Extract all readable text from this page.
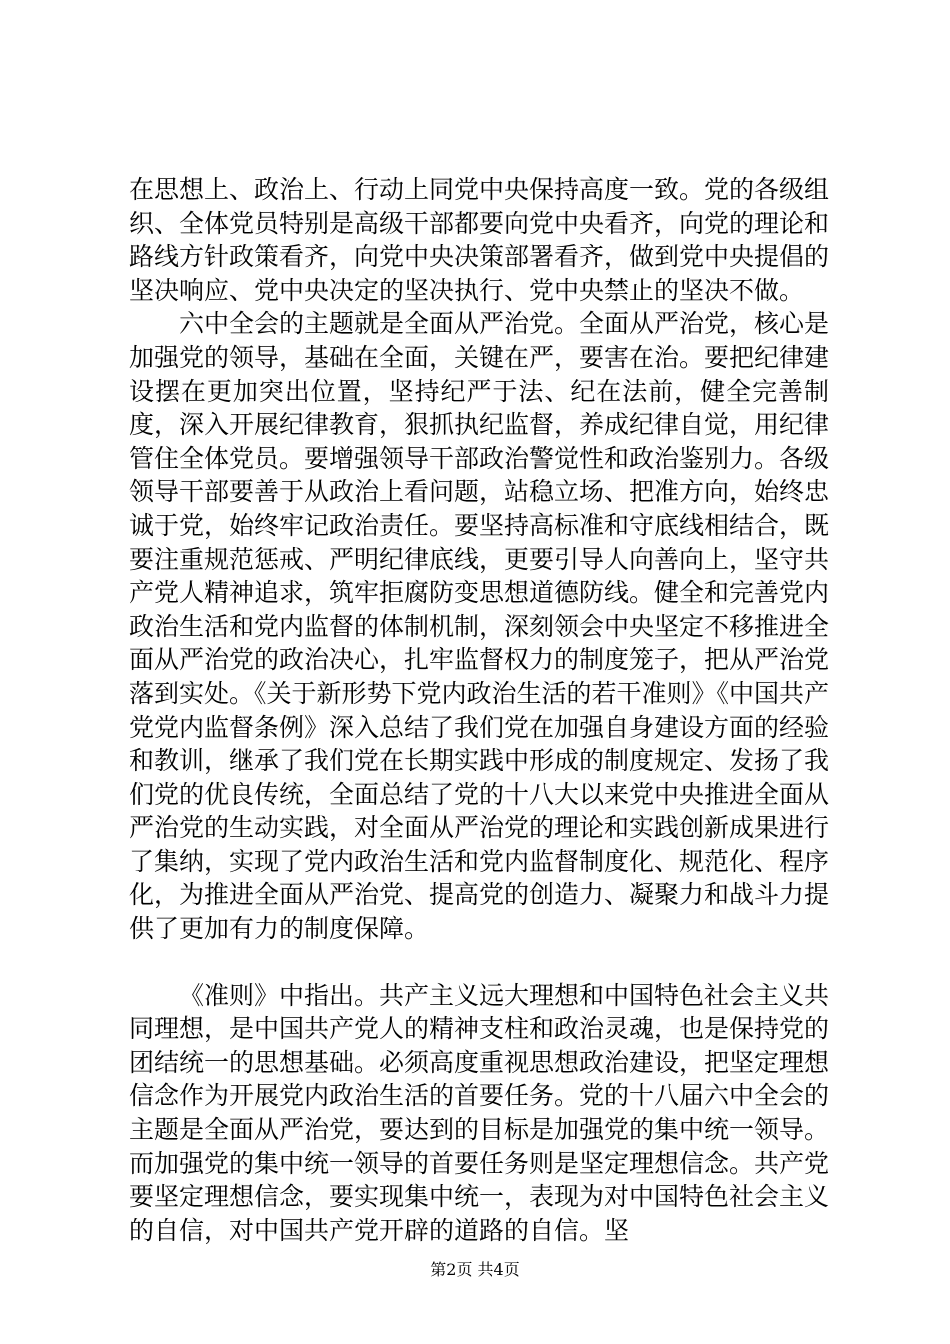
在思想上、政治上、行动上同党中央保持高度一致。党的各级组织、全体党员特别是高级干部都要向党中央看齐，向党的理论和路线方针政策看齐，向党中央决策部署看齐，做到党中央提倡的坚决响应、党中央决定的坚决执行、党中央禁止的坚决不做。

六中全会的主题就是全面从严治党。全面从严治党，核心是加强党的领导，基础在全面，关键在严，要害在治。要把纪律建设摆在更加突出位置，坚持纪严于法、纪在法前，健全完善制度，深入开展纪律教育，狠抓执纪监督，养成纪律自觉，用纪律管住全体党员。要增强领导干部政治警觉性和政治鉴别力。各级领导干部要善于从政治上看问题，站稳立场、把准方向，始终忠诚于党，始终牢记政治责任。要坚持高标准和守底线相结合，既要注重规范惩戒、严明纪律底线，更要引导人向善向上，坚守共产党人精神追求，筑牢拒腐防变思想道德防线。健全和完善党内政治生活和党内监督的体制机制，深刻领会中央坚定不移推进全面从严治党的政治决心，扎牢监督权力的制度笼子，把从严治党落到实处。《关于新形势下党内政治生活的若干准则》《中国共产党党内监督条例》深入总结了我们党在加强自身建设方面的经验和教训，继承了我们党在长期实践中形成的制度规定、发扬了我们党的优良传统，全面总结了党的十八大以来党中央推进全面从严治党的生动实践，对全面从严治党的理论和实践创新成果进行了集纳，实现了党内政治生活和党内监督制度化、规范化、程序化，为推进全面从严治党、提高党的创造力、凝聚力和战斗力提供了更加有力的制度保障。

《准则》中指出。共产主义远大理想和中国特色社会主义共同理想，是中国共产党人的精神支柱和政治灵魂，也是保持党的团结统一的思想基础。必须高度重视思想政治建设，把坚定理想信念作为开展党内政治生活的首要任务。党的十八届六中全会的主题是全面从严治党，要达到的目标是加强党的集中统一领导。而加强党的集中统一领导的首要任务则是坚定理想信念。共产党要坚定理想信念，要实现集中统一，表现为对中国特色社会主义的自信，对中国共产党开辟的道路的自信。坚

第2页 共4页
